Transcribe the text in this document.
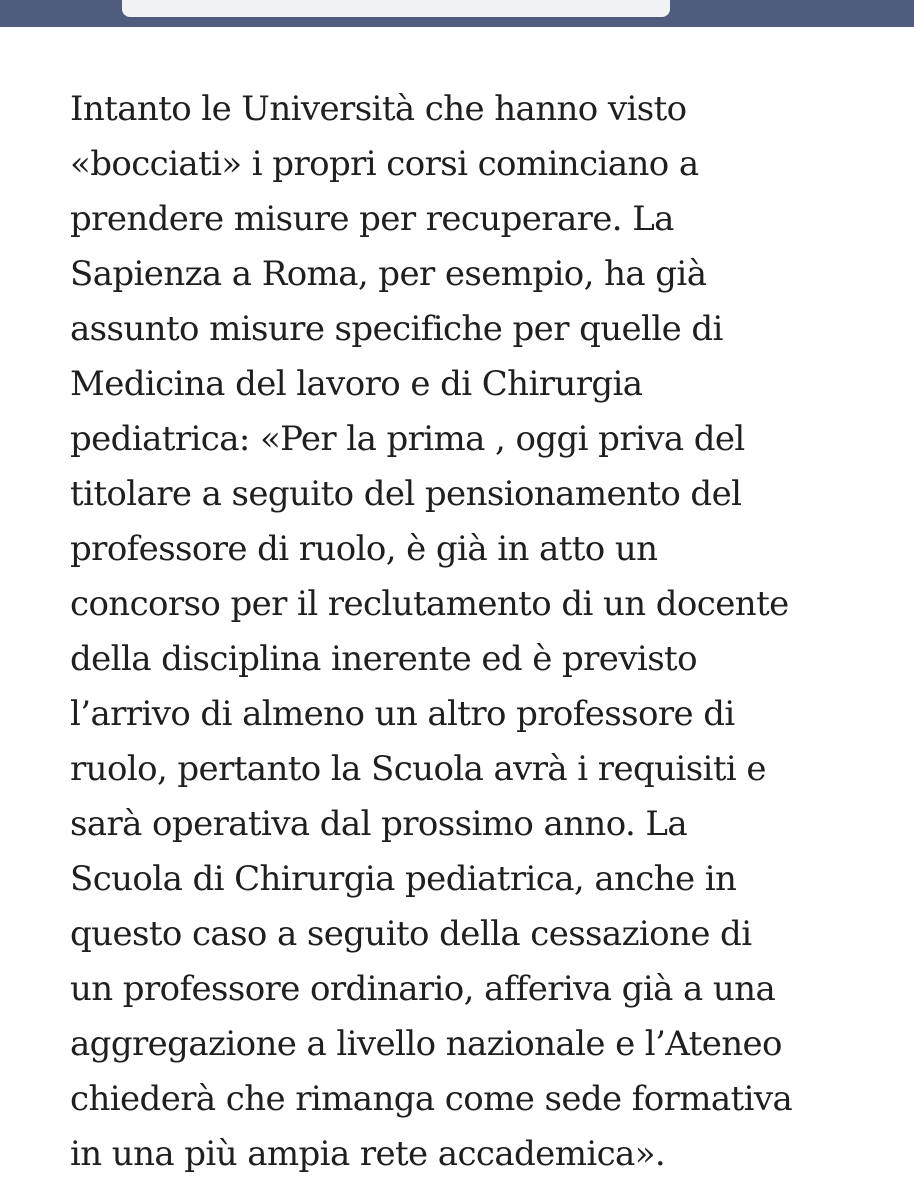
Intanto le Università che hanno visto
«bocciati» i propri corsi cominciano a
prendere misure per recuperare. La
Sapienza a Roma, per esempio, ha già
assunto misure specifiche per quelle di
Medicina del lavoro e di Chirurgia
pediatrica: «Per la prima , oggi priva del
titolare a seguito del pensionamento del
professore di ruolo, è già in atto un
concorso per il reclutamento di un docente
della disciplina inerente ed è previsto
l’arrivo di almeno un altro professore di
ruolo, pertanto la Scuola avrà i requisiti e
sarà operativa dal prossimo anno. La
Scuola di Chirurgia pediatrica, anche in
questo caso a seguito della cessazione di
un professore ordinario, afferiva già a una
aggregazione a livello nazionale e l’Ateneo
chiederà che rimanga come sede formativa
in una più ampia rete accademica».
